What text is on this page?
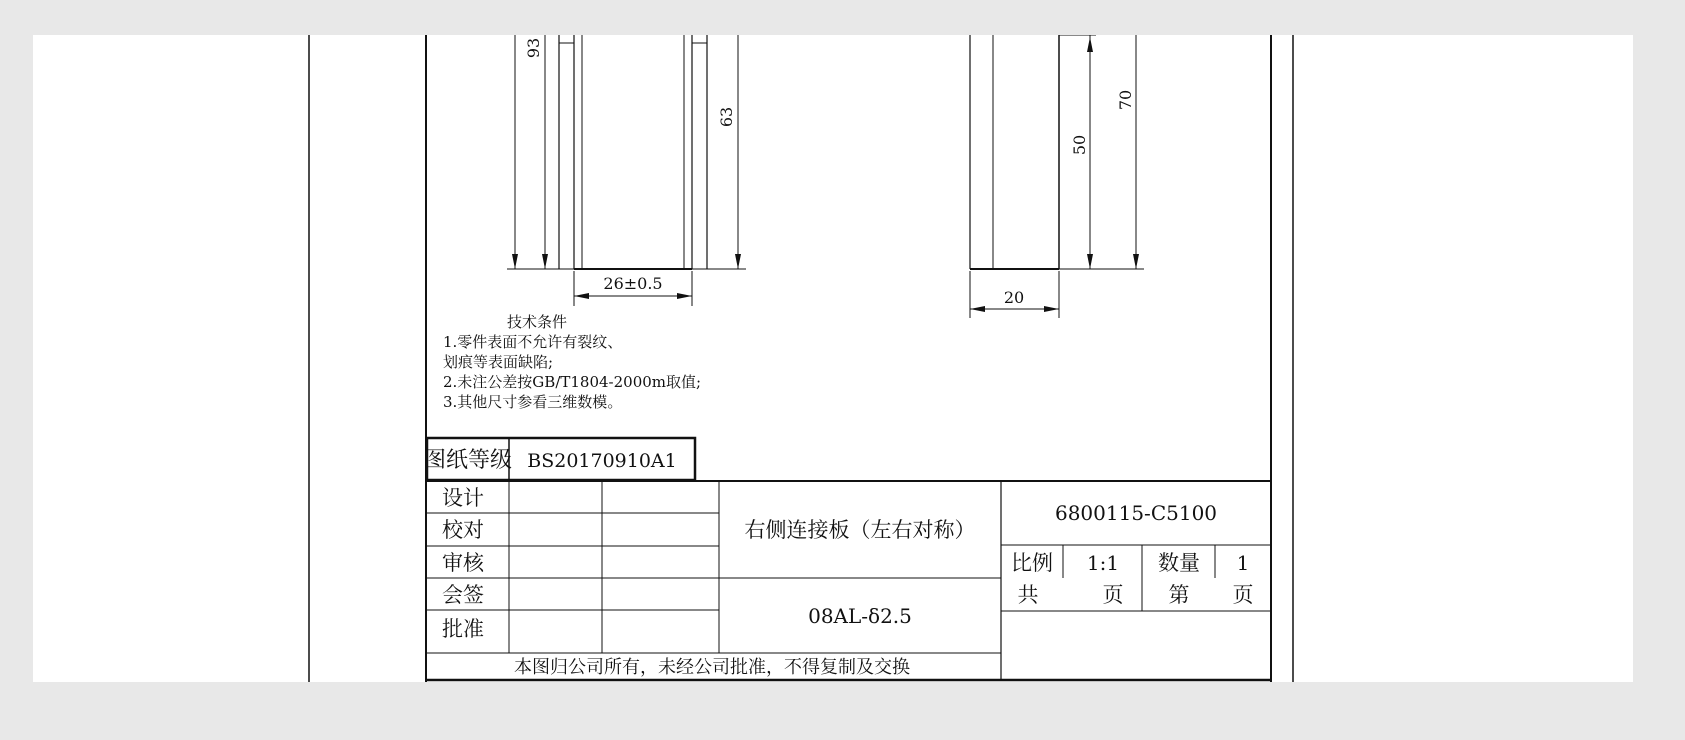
93
63
26±0.5
50
70
20
图纸等级 BS20170910A1
设计
校对
审核
会签
批准
右侧连接板（左右对称）
08AL-δ2.5
本图归公司所有，未经公司批准，不得复制及交换
6800115-C5100
比例 1:1 数量 1
共	页 第 页
技术条件
1.零件表面不允许有裂纹、
划痕等表面缺陷;
2.未注公差按GB/T1804-2000m取值;
3.其他尺寸参看三维数模。
